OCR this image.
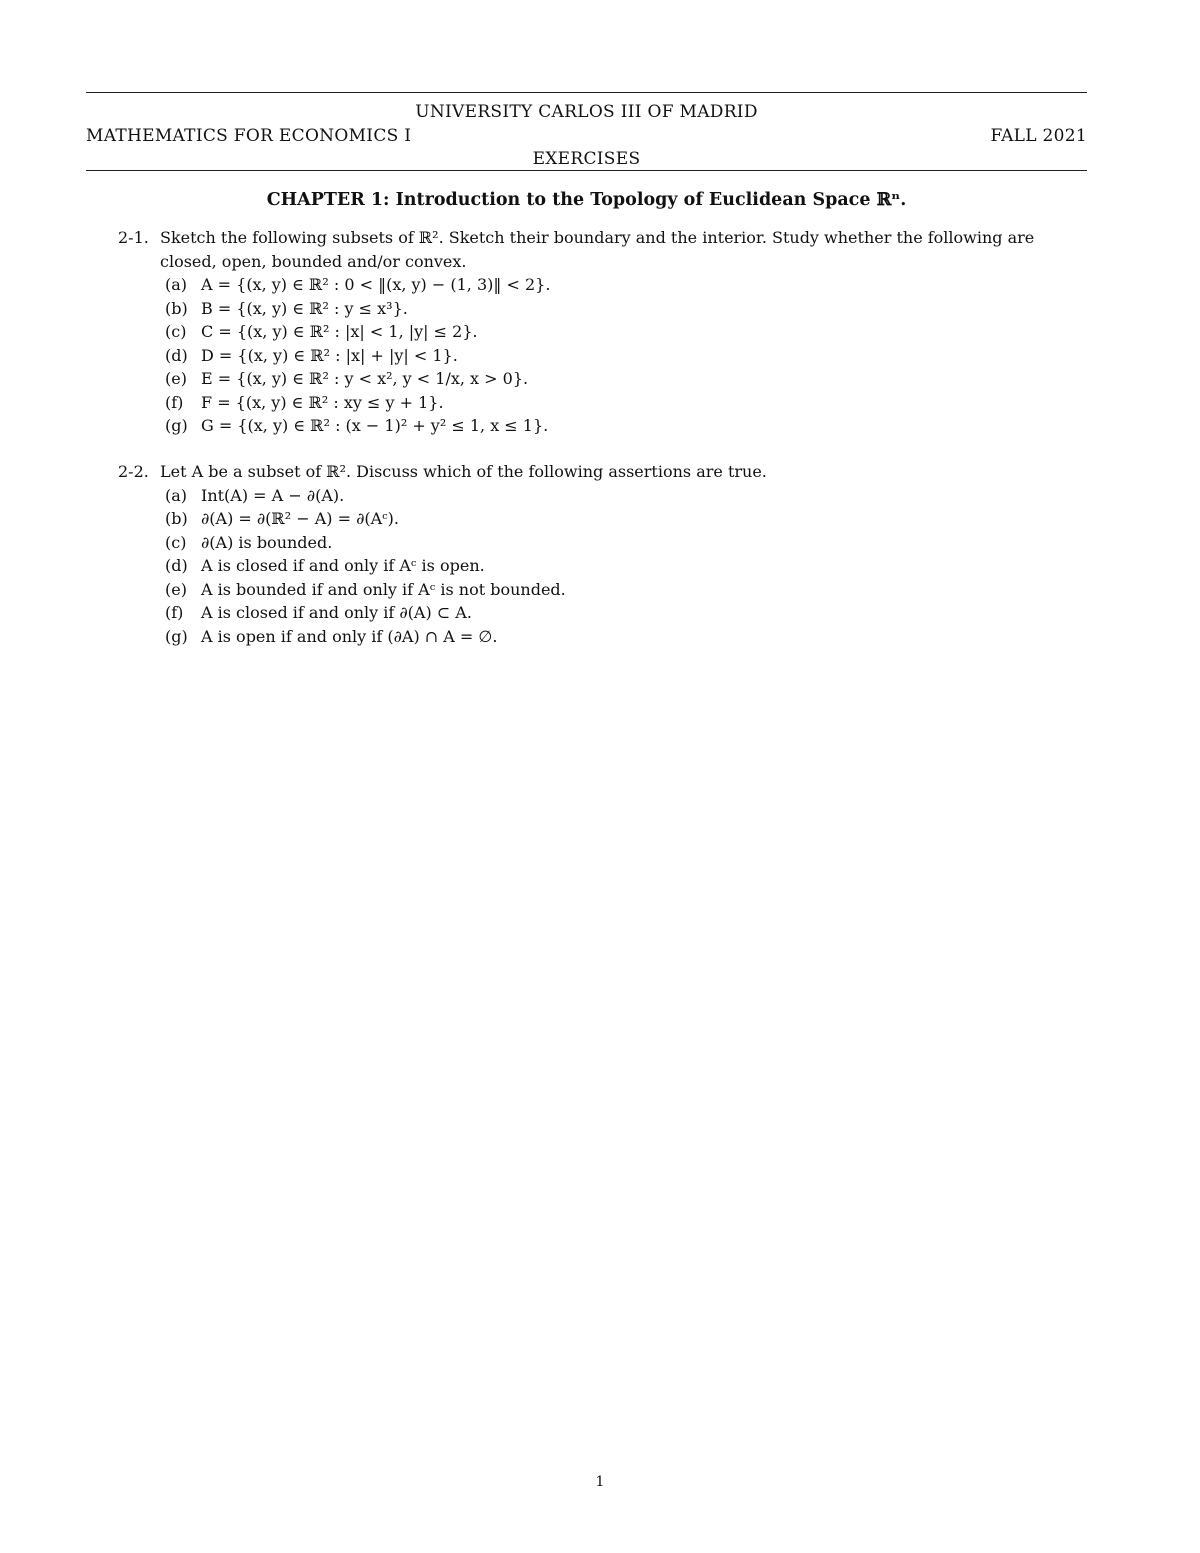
UNIVERSITY CARLOS III OF MADRID
MATHEMATICS FOR ECONOMICS I	FALL 2021
EXERCISES
CHAPTER 1: Introduction to the Topology of Euclidean Space ℝⁿ.
2-1. Sketch the following subsets of ℝ². Sketch their boundary and the interior. Study whether the following are
closed, open, bounded and/or convex.
(a) A = {(x, y) ∈ ℝ² : 0 < ‖(x, y) − (1, 3)‖ < 2}.
(b) B = {(x, y) ∈ ℝ² : y ≤ x³}.
(c) C = {(x, y) ∈ ℝ² : |x| < 1, |y| ≤ 2}.
(d) D = {(x, y) ∈ ℝ² : |x| + |y| < 1}.
(e) E = {(x, y) ∈ ℝ² : y < x², y < 1/x, x > 0}.
(f)	F = {(x, y) ∈ ℝ² : xy ≤ y + 1}.
(g) G = {(x, y) ∈ ℝ² : (x − 1)² + y² ≤ 1, x ≤ 1}.
2-2. Let A be a subset of ℝ². Discuss which of the following assertions are true.
(a) Int(A) = A − ∂(A).
(b) ∂(A) = ∂(ℝ² − A) = ∂(Aᶜ).
(c) ∂(A) is bounded.
(d) A is closed if and only if Aᶜ is open.
(e) A is bounded if and only if Aᶜ is not bounded.
(f)	A is closed if and only if ∂(A) ⊂ A.
(g) A is open if and only if (∂A) ∩ A = ∅.
1
